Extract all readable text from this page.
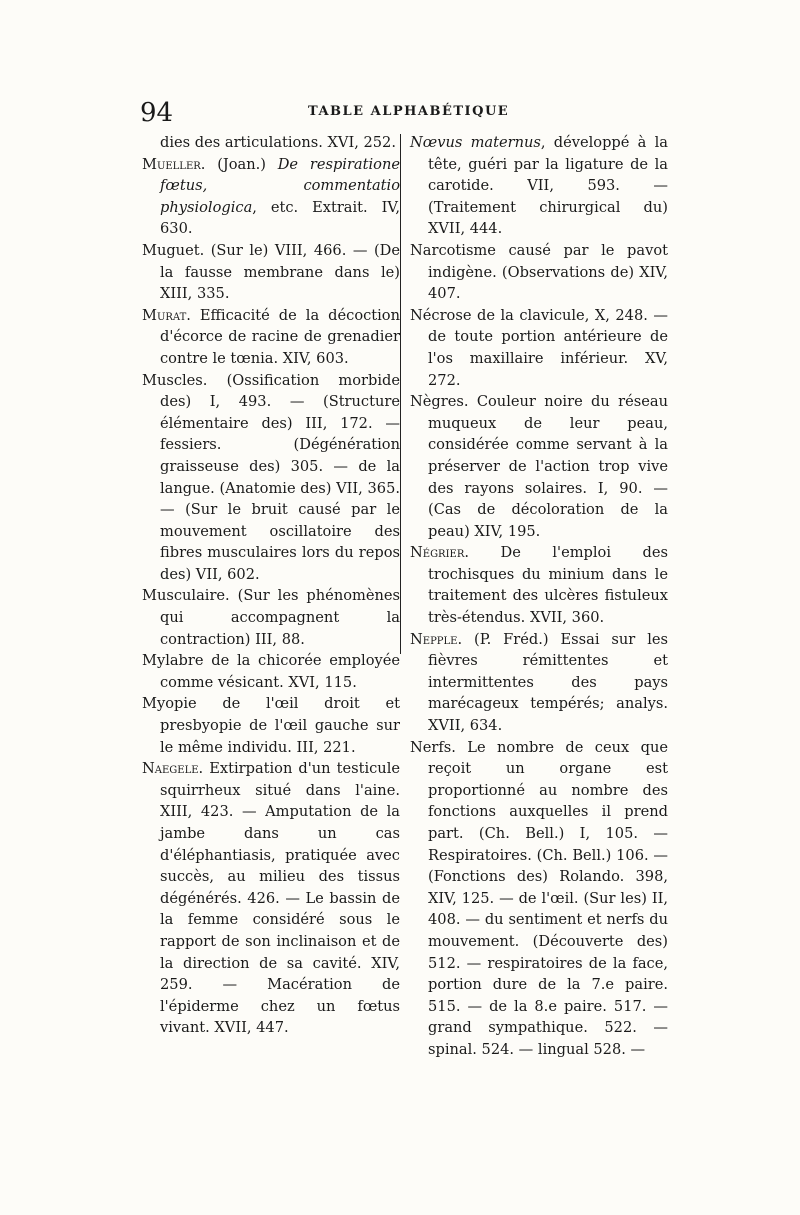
94	TABLE ALPHABÉTIQUE

dies des articulations. XVI, 252.

Mueller. (Joan.) De respiratione fœtus, commentatio physiologica, etc. Extrait. IV, 630.

Muguet. (Sur le) VIII, 466. — (De la fausse membrane dans le) XIII, 335.

Murat. Efficacité de la décoction d'écorce de racine de grenadier contre le tœnia. XIV, 603.

Muscles. (Ossification morbide des) I, 493. — (Structure élémentaire des) III, 172. — fessiers. (Dégénération graisseuse des) 305. — de la langue. (Anatomie des) VII, 365. — (Sur le bruit causé par le mouvement oscillatoire des fibres musculaires lors du repos des) VII, 602.

Musculaire. (Sur les phénomènes qui accompagnent la contraction) III, 88.

Mylabre de la chicorée employée comme vésicant. XVI, 115.

Myopie de l'œil droit et presbyopie de l'œil gauche sur le même individu. III, 221.

Naegele. Extirpation d'un testicule squirrheux situé dans l'aine. XIII, 423. — Amputation de la jambe dans un cas d'éléphantiasis, pratiquée avec succès, au milieu des tissus dégénérés. 426. — Le bassin de la femme considéré sous le rapport de son inclinaison et de la direction de sa cavité. XIV, 259. — Macération de l'épiderme chez un fœtus vivant. XVII, 447.

Nœvus maternus, développé à la tête, guéri par la ligature de la carotide. VII, 593. — (Traitement chirurgical du) XVII, 444.

Narcotisme causé par le pavot indigène. (Observations de) XIV, 407.

Nécrose de la clavicule, X, 248. — de toute portion antérieure de l'os maxillaire inférieur. XV, 272.

Nègres. Couleur noire du réseau muqueux de leur peau, considérée comme servant à la préserver de l'action trop vive des rayons solaires. I, 90. — (Cas de décoloration de la peau) XIV, 195.

Négrier. De l'emploi des trochisques du minium dans le traitement des ulcères fistuleux très-étendus. XVII, 360.

Nepple. (P. Fréd.) Essai sur les fièvres rémittentes et intermittentes des pays marécageux tempérés; analys. XVII, 634.

Nerfs. Le nombre de ceux que reçoit un organe est proportionné au nombre des fonctions auxquelles il prend part. (Ch. Bell.) I, 105. — Respiratoires. (Ch. Bell.) 106. — (Fonctions des) Rolando. 398, XIV, 125. — de l'œil. (Sur les) II, 408. — du sentiment et nerfs du mouvement. (Découverte des) 512. — respiratoires de la face, portion dure de la 7.e paire. 515. — de la 8.e paire. 517. — grand sympathique. 522. — spinal. 524. — lingual 528. —
